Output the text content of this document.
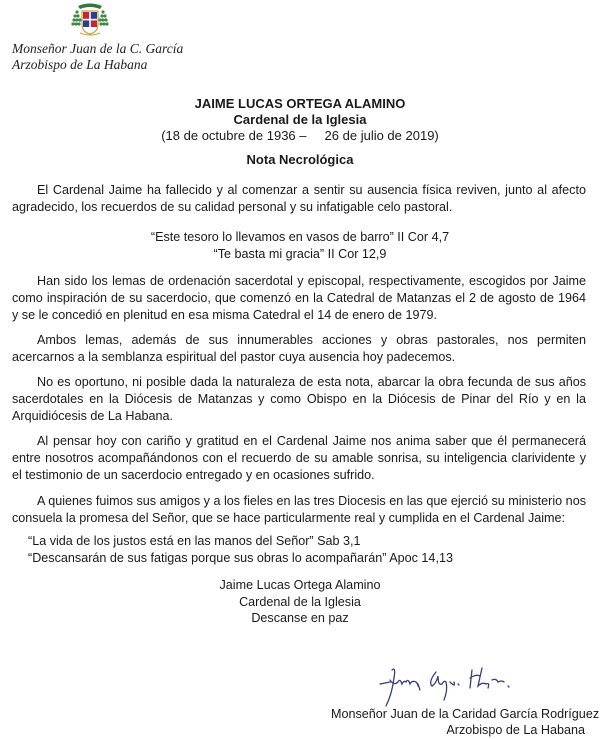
Monseñor Juan de la C. García
Arzobispo de La Habana
JAIME LUCAS ORTEGA ALAMINO
Cardenal de la Iglesia
(18 de octubre de 1936 –     26 de julio de 2019)
Nota Necrológica

El Cardenal Jaime ha fallecido y al comenzar a sentir su ausencia física reviven, junto al afecto agradecido, los recuerdos de su calidad personal y su infatigable celo pastoral.

“Este tesoro lo llevamos en vasos de barro” II Cor 4,7
“Te basta mi gracia” II Cor 12,9

Han sido los lemas de ordenación sacerdotal y episcopal, respectivamente, escogidos por Jaime como inspiración de su sacerdocio, que comenzó en la Catedral de Matanzas el 2 de agosto de 1964 y se le concedió en plenitud en esa misma Catedral el 14 de enero de 1979.

Ambos lemas, además de sus innumerables acciones y obras pastorales, nos permiten acercarnos a la semblanza espiritual del pastor cuya ausencia hoy padecemos.

No es oportuno, ni posible dada la naturaleza de esta nota, abarcar la obra fecunda de sus años sacerdotales en la Diócesis de Matanzas y como Obispo en la Diócesis de Pinar del Río y en la Arquidiócesis de La Habana.

Al pensar hoy con cariño y gratitud en el Cardenal Jaime nos anima saber que él permanecerá entre nosotros acompañándonos con el recuerdo de su amable sonrisa, su inteligencia clarividente y el testimonio de un sacerdocio entregado y en ocasiones sufrido.

A quienes fuimos sus amigos y a los fieles en las tres Diocesis en las que ejerció su ministerio nos consuela la promesa del Señor, que se hace particularmente real y cumplida en el Cardenal Jaime:

“La vida de los justos está en las manos del Señor” Sab 3,1
“Descansarán de sus fatigas porque sus obras lo acompañarán” Apoc 14,13
Jaime Lucas Ortega Alamino
Cardenal de la Iglesia
Descanse en paz
Monseñor Juan de la Caridad García Rodríguez
Arzobispo de La Habana
